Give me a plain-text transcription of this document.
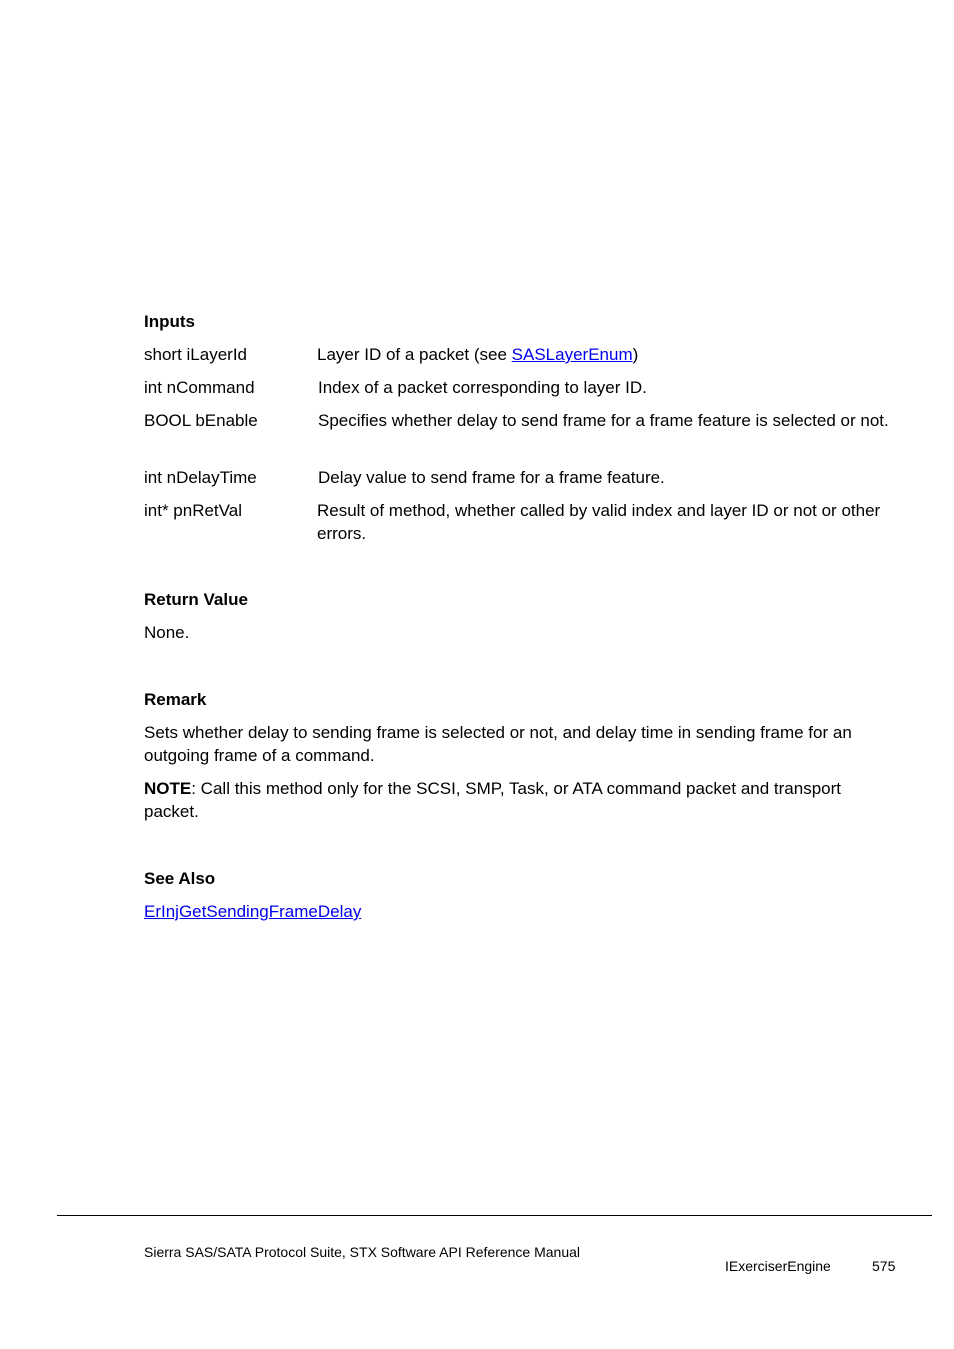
Inputs
short iLayerId	Layer ID of a packet (see SASLayerEnum)
int nCommand	Index of a packet corresponding to layer ID.
BOOL bEnable	Specifies whether delay to send frame for a frame feature is selected or not.
int nDelayTime	Delay value to send frame for a frame feature.
int* pnRetVal	Result of method, whether called by valid index and layer ID or not or other errors.
Return Value
None.
Remark
Sets whether delay to sending frame is selected or not, and delay time in sending frame for an outgoing frame of a command.
NOTE: Call this method only for the SCSI, SMP, Task, or ATA command packet and transport packet.
See Also
ErInjGetSendingFrameDelay
Sierra SAS/SATA Protocol Suite, STX Software API Reference Manual
IExerciserEngine	575
